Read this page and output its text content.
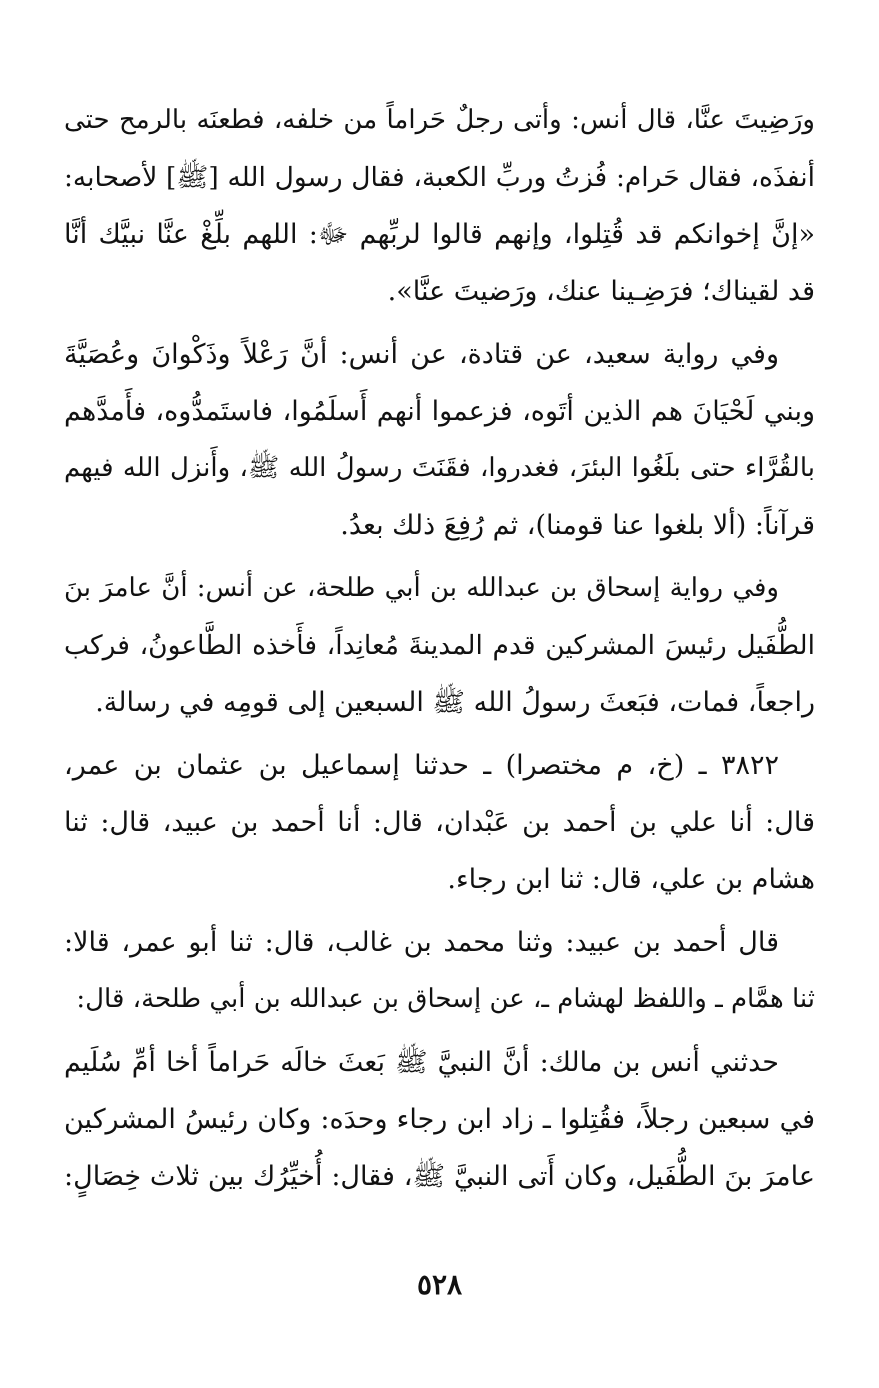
ورَضِيتَ عنَّا، قال أنس: وأتى رجلٌ حَراماً من خلفه، فطعنَه بالرمح حتى
أنفذَه، فقال حَرام: فُزتُ وربِّ الكعبة، فقال رسول الله [ﷺ] لأصحابه:
«إنَّ إخوانكم قد قُتِلوا، وإنهم قالوا لربِّهم ﷻ: اللهم بلِّغْ عنَّا نبيَّك أنَّا
قد لقيناك؛ فرَضِـينا عنك، ورَضيتَ عنَّا».
وفي رواية سعيد، عن قتادة، عن أنس: أنَّ رَعْلاً وذَكْوانَ وعُصَيَّةَ
وبني لَحْيَانَ هم الذين أتَوه، فزعموا أنهم أَسلَمُوا، فاستَمدُّوه، فأَمدَّهم
بالقُرَّاء حتى بلَغُوا البئرَ، فغدروا، فقَنَتَ رسولُ الله ﷺ، وأَنزل الله فيهم
قرآناً: (ألا بلغوا عنا قومنا)، ثم رُفِعَ ذلك بعدُ.
وفي رواية إسحاق بن عبدالله بن أبي طلحة، عن أنس: أنَّ عامرَ بنَ
الطُّفَيل رئيسَ المشركين قدم المدينةَ مُعانِداً، فأَخذه الطَّاعونُ، فركب
راجعاً، فمات، فبَعثَ رسولُ الله ﷺ السبعين إلى قومِه في رسالة.
٣٨٢٢ ـ (خ، م مختصرا) ـ حدثنا إسماعيل بن عثمان بن عمر،
قال: أنا علي بن أحمد بن عَبْدان، قال: أنا أحمد بن عبيد، قال: ثنا
هشام بن علي، قال: ثنا ابن رجاء.
قال أحمد بن عبيد: وثنا محمد بن غالب، قال: ثنا أبو عمر، قالا:
ثنا همَّام ـ واللفظ لهشام ـ، عن إسحاق بن عبدالله بن أبي طلحة، قال:
حدثني أنس بن مالك: أنَّ النبيَّ ﷺ بَعثَ خالَه حَراماً أخا أمِّ سُلَيم
في سبعين رجلاً، فقُتِلوا ـ زاد ابن رجاء وحدَه: وكان رئيسُ المشركين
عامرَ بنَ الطُّفَيل، وكان أَتى النبيَّ ﷺ، فقال: أُخيِّرُك بين ثلاث خِصَالٍ:
٥٢٨
